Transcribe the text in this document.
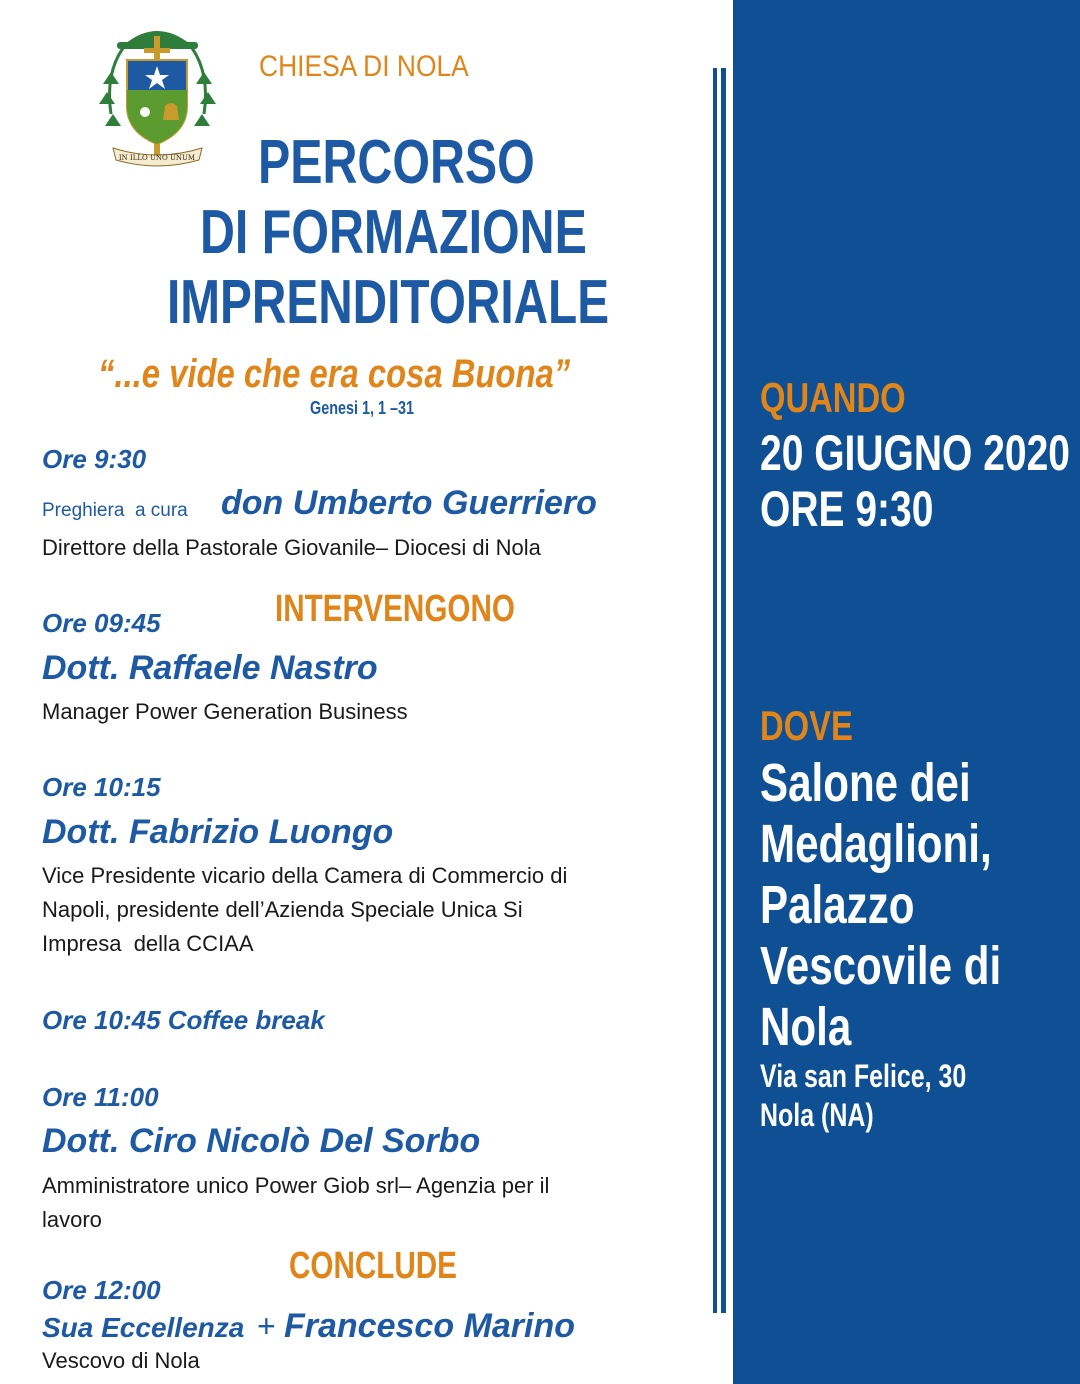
IN ILLO UNO UNUM
CHIESA DI NOLA
PERCORSO
DI FORMAZIONE
IMPRENDITORIALE
“...e vide che era cosa Buona”
Genesi 1, 1 –31
Ore 9:30
Preghiera  a cura don Umberto Guerriero
Direttore della Pastorale Giovanile– Diocesi di Nola
INTERVENGONO
Ore 09:45
Dott. Raffaele Nastro
Manager Power Generation Business
Ore 10:15
Dott. Fabrizio Luongo
Vice Presidente vicario della Camera di Commercio di
Napoli, presidente dell’Azienda Speciale Unica Si
Impresa  della CCIAA
Ore 10:45 Coffee break
Ore 11:00
Dott. Ciro Nicolò Del Sorbo
Amministratore unico Power Giob srl– Agenzia per il
lavoro
CONCLUDE
Ore 12:00
Sua Eccellenza + Francesco Marino
Vescovo di Nola
QUANDO
20 GIUGNO 2020
ORE 9:30
DOVE
Salone dei
Medaglioni,
Palazzo
Vescovile di
Nola
Via san Felice, 30
Nola (NA)
